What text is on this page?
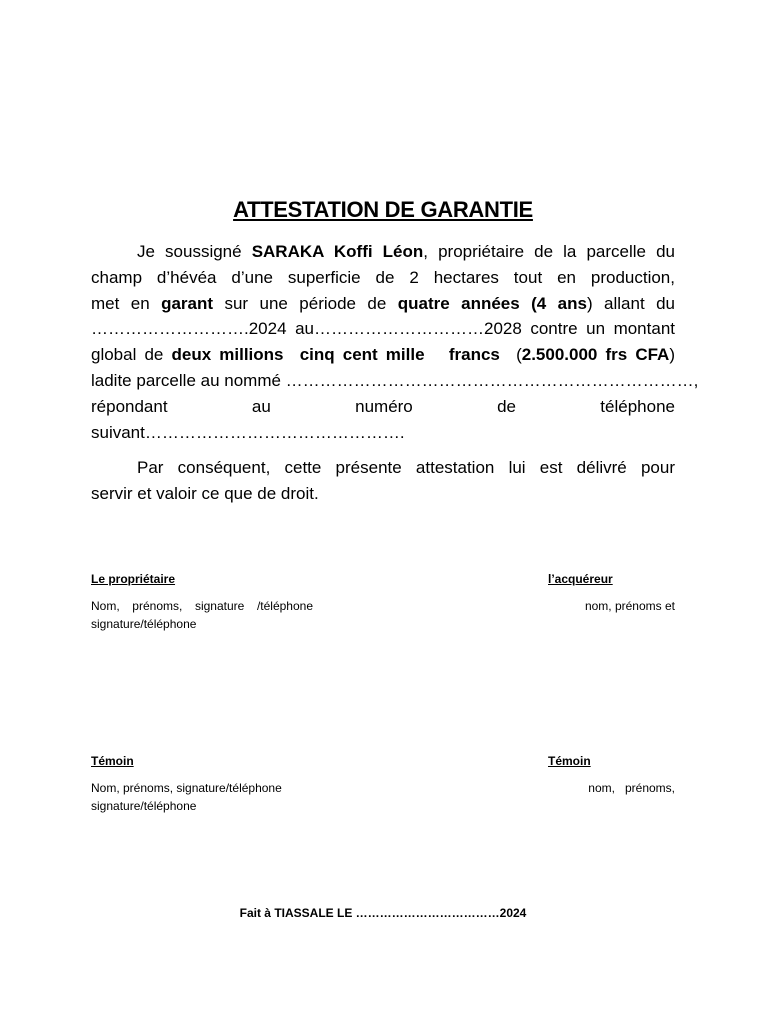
ATTESTATION DE GARANTIE
Je soussigné SARAKA Koffi Léon, propriétaire de la parcelle du
champ d’hévéa d’une superficie de 2 hectares tout en production,
met en garant sur une période de quatre années (4 ans) allant du
……………………….2024 au…………………………2028 contre un montant
global de deux millions  cinq cent mille   francs  (2.500.000 frs CFA)
ladite parcelle au nommé ………………………………………………………………,
répondant au numéro de téléphone
suivant……………………………………….
Par conséquent, cette présente attestation lui est délivré pour
servir et valoir ce que de droit.
Le propriétaire
Nom, prénoms, signature /téléphone
signature/téléphone
l’acquéreur
nom, prénoms et
Témoin
Nom, prénoms, signature/téléphone
signature/téléphone
Témoin
nom,   prénoms,
Fait à TIASSALE LE ………………………………2024
